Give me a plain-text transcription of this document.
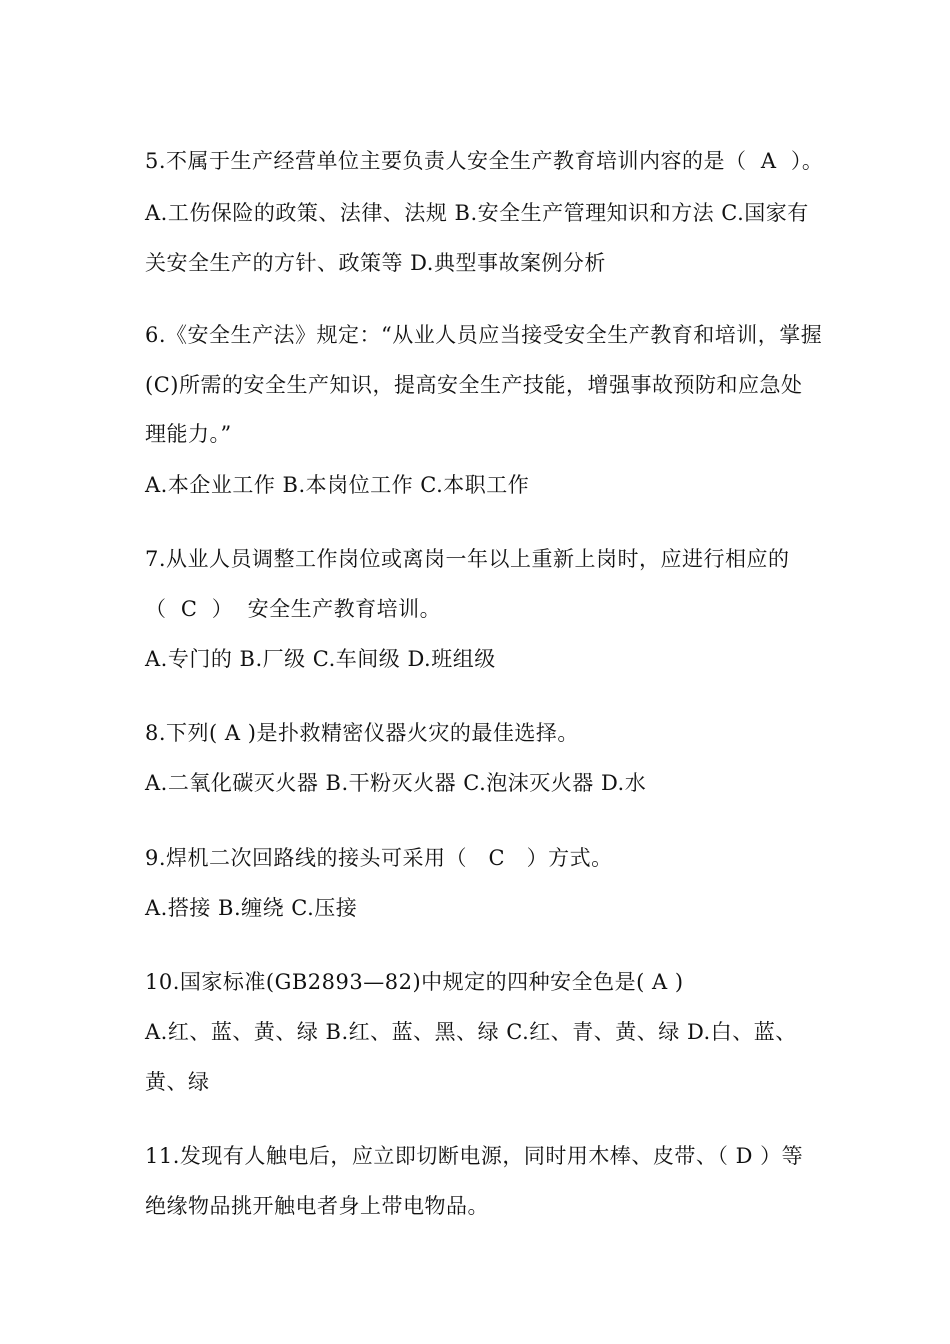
5.不属于生产经营单位主要负责人安全生产教育培训内容的是（  A  ）。
A.工伤保险的政策、法律、法规 B.安全生产管理知识和方法 C.国家有
关安全生产的方针、政策等 D.典型事故案例分析
6.《安全生产法》规定：“从业人员应当接受安全生产教育和培训，掌握
(C)所需的安全生产知识，提高安全生产技能，增强事故预防和应急处
理能力。”
A.本企业工作 B.本岗位工作 C.本职工作
7.从业人员调整工作岗位或离岗一年以上重新上岗时，应进行相应的
（  C  ）  安全生产教育培训。
A.专门的 B.厂级 C.车间级 D.班组级
8.下列( A )是扑救精密仪器火灾的最佳选择。
A.二氧化碳灭火器 B.干粉灭火器 C.泡沫灭火器 D.水
9.焊机二次回路线的接头可采用（   C   ）方式。
A.搭接 B.缠绕 C.压接
10.国家标准(GB2893—82)中规定的四种安全色是( A )
A.红、蓝、黄、绿 B.红、蓝、黑、绿 C.红、青、黄、绿 D.白、蓝、
黄、绿
11.发现有人触电后，应立即切断电源，同时用木棒、皮带、（ D ）等
绝缘物品挑开触电者身上带电物品。
